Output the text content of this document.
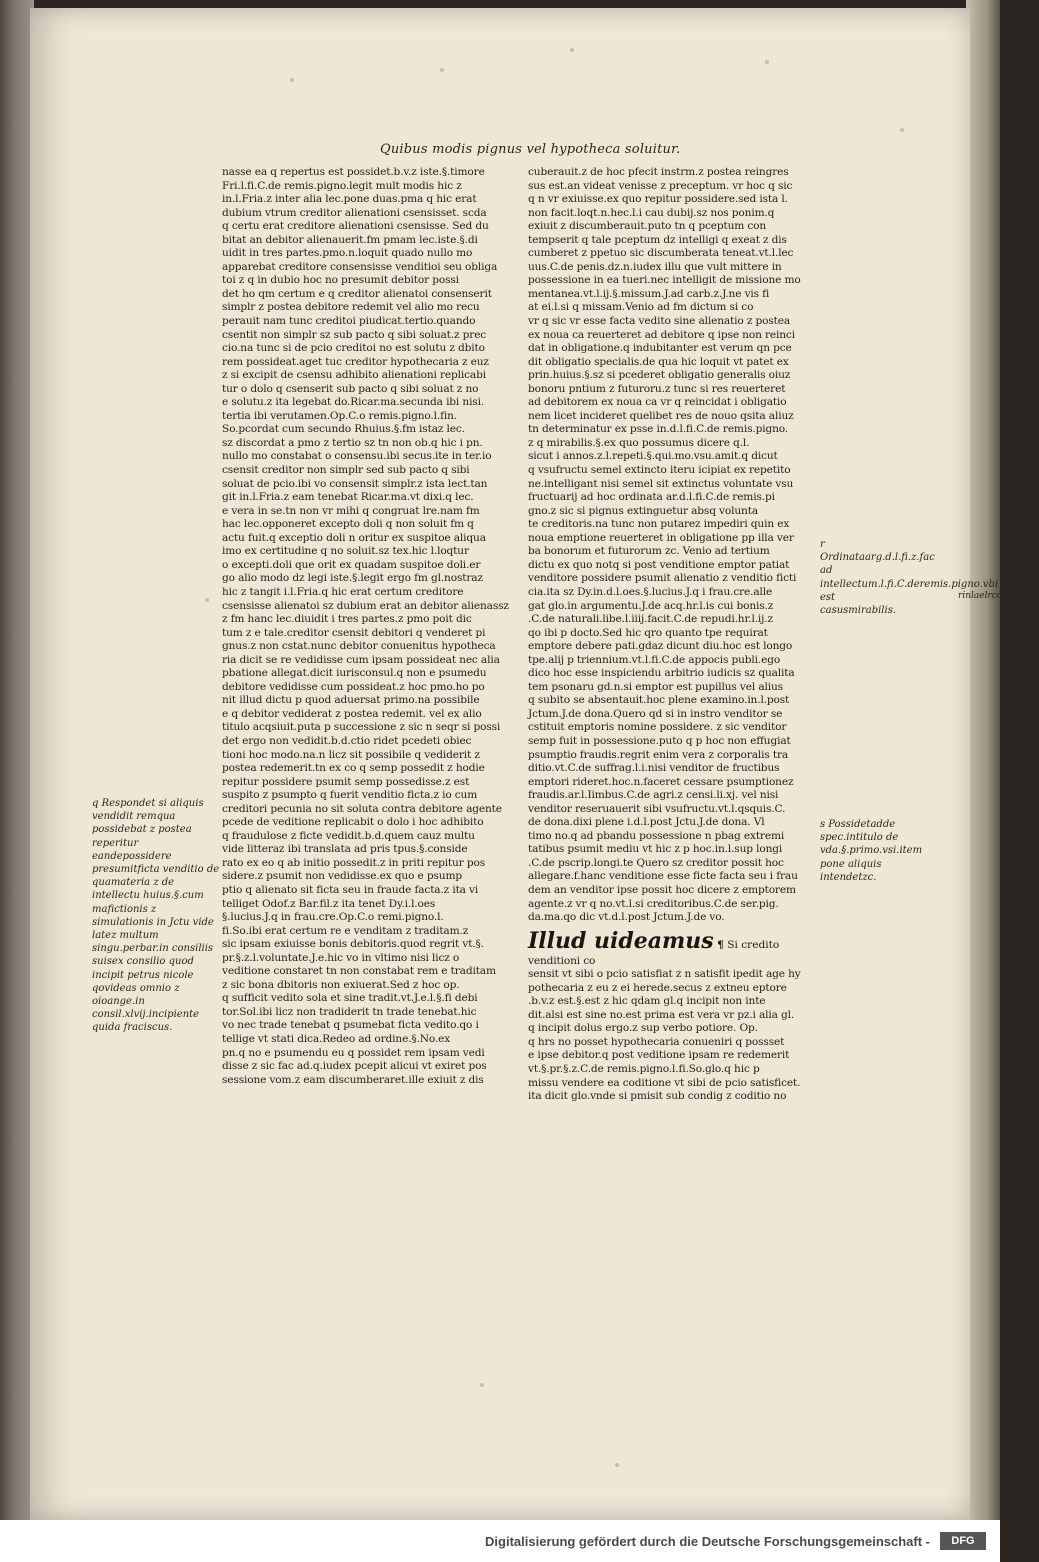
Quibus modis pignus vel hypotheca soluitur.
nasse ea q repertus est possidet.b.v.z iste.§.timore
Fri.l.fi.C.de remis.pigno.legit mult modis hic z
in.l.Fria.z inter alia lec.pone duas.pma q hic erat
dubium vtrum creditor alienationi csensisset. scda
q certu erat creditore alienationi csensisse. Sed du
bitat an debitor alienauerit.fm pmam lec.iste.§.di
uidit in tres partes.pmo.n.loquit quado nullo mo
apparebat creditore consensisse venditioi seu obliga
toi z q in dubio hoc no presumit debitor possi
det ho qm certum e q creditor alienatoi consenserit
simplr z postea debitore redemit vel alio mo recu
perauit nam tunc creditoi piudicat.tertio.quando
csentit non simplr sz sub pacto q sibi soluat.z prec
cio.na tunc si de pcio creditoi no est solutu z dbito
rem possideat.aget tuc creditor hypothecaria z euz
z si excipit de csensu adhibito alienationi replicabi
tur o dolo q csenserit sub pacto q sibi soluat z no
e solutu.z ita legebat do.Ricar.ma.secunda ibi nisi.
tertia ibi verutamen.Op.C.o remis.pigno.l.fin.
So.pcordat cum secundo Rhuius.§.fm istaz lec.
sz discordat a pmo z tertio sz tn non ob.q hic i pn.
nullo mo constabat o consensu.ibi secus.ite in ter.io
csensit creditor non simplr sed sub pacto q sibi
soluat de pcio.ibi vo consensit simplr.z ista lect.tan
git in.l.Fria.z eam tenebat Ricar.ma.vt dixi.q lec.
e vera in se.tn non vr mihi q congruat lre.nam fm
hac lec.opponeret excepto doli q non soluit fm q
actu fuit.q exceptio doli n oritur ex suspitoe aliqua
imo ex certitudine q no soluit.sz tex.hic l.loqtur
o excepti.doli que orit ex quadam suspitoe doli.er
go alio modo dz legi iste.§.legit ergo fm gl.nostraz
hic z tangit i.l.Fria.q hic erat certum creditore
csensisse alienatoi sz dubium erat an debitor alienassz
z fm hanc lec.diuidit i tres partes.z pmo poit dic
tum z e tale.creditor csensit debitori q venderet pi
gnus.z non cstat.nunc debitor conuenitus hypotheca
ria dicit se re vedidisse cum ipsam possideat nec alia
pbatione allegat.dicit iurisconsul.q non e psumedu
debitore vedidisse cum possideat.z hoc pmo.ho po
nit illud dictu p quod aduersat primo.na possibile
e q debitor vediderat z postea redemit. vel ex alio
titulo acqsiuit.puta p successione z sic n seqr si possi
det ergo non vedidit.b.d.ctio ridet pcedeti obiec
tioni hoc modo.na.n licz sit possibile q vediderit z
postea redemerit.tn ex co q semp possedit z hodie
repitur possidere psumit semp possedisse.z est
suspito z psumpto q fuerit venditio ficta.z io cum
creditori pecunia no sit soluta contra debitore agente
pcede de veditione replicabit o dolo i hoc adhibito
q fraudulose z ficte vedidit.b.d.quem cauz multu
vide litteraz ibi translata ad pris tpus.§.conside
rato ex eo q ab initio possedit.z in priti repitur pos
sidere.z psumit non vedidisse.ex quo e psump
ptio q alienato sit ficta seu in fraude facta.z ita vi
telliget Odof.z Bar.fil.z ita tenet Dy.i.l.oes
§.lucius.J.q in frau.cre.Op.C.o remi.pigno.l.
fi.So.ibi erat certum re e venditam z traditam.z
sic ipsam exiuisse bonis debitoris.quod regrit vt.§.
pr.§.z.l.voluntate.J.e.hic vo in vltimo nisi licz o
veditione constaret tn non constabat rem e traditam
z sic bona dbitoris non exiuerat.Sed z hoc op.
q sufficit vedito sola et sine tradit.vt.J.e.l.§.fi debi
tor.Sol.ibi licz non tradiderit tn trade tenebat.hic
vo nec trade tenebat q psumebat ficta vedito.qo i
tellige vt stati dica.Redeo ad ordine.§.No.ex
pn.q no e psumendu eu q possidet rem ipsam vedi
disse z sic fac ad.q.iudex pcepit alicui vt exiret pos
sessione vom.z eam discumberaret.ille exiuit z dis
cuberauit.z de hoc pfecit instrm.z postea reingres
sus est.an videat venisse z preceptum. vr hoc q sic
q n vr exiuisse.ex quo repitur possidere.sed ista l.
non facit.loqt.n.hec.l.i cau dubij.sz nos ponim.q
exiuit z discumberauit.puto tn q pceptum con
tempserit q tale pceptum dz intelligi q exeat z dis
cumberet z ppetuo sic discumberata teneat.vt.l.lec
uus.C.de penis.dz.n.iudex illu que vult mittere in
possessione in ea tueri.nec intelligit de missione mo
mentanea.vt.l.ij.§.missum.J.ad carb.z.J.ne vis fi
at ei.l.si q missam.Venio ad fm dictum si co
vr q sic vr esse facta vedito sine alienatio z postea
ex noua ca reuerteret ad debitore q ipse non reinci
dat in obligatione.q indubitanter est verum qn pce
dit obligatio specialis.de qua hic loquit vt patet ex
prin.huius.§.sz si pcederet obligatio generalis oiuz
bonoru pntium z futuroru.z tunc si res reuerteret
ad debitorem ex noua ca vr q reincidat i obligatio
nem licet incideret quelibet res de nouo qsita aliuz
tn determinatur ex psse in.d.l.fi.C.de remis.pigno.
z q mirabilis.§.ex quo possumus dicere q.l.
sicut i annos.z.l.repeti.§.qui.mo.vsu.amit.q dicut
q vsufructu semel extincto iteru icipiat ex repetito
ne.intelligant nisi semel sit extinctus voluntate vsu
fructuarij ad hoc ordinata ar.d.l.fi.C.de remis.pi
gno.z sic si pignus extinguetur absq volunta
te creditoris.na tunc non putarez impediri quin ex
noua emptione reuerteret in obligatione pp illa ver
ba bonorum et futurorum zc. Venio ad tertium
dictu ex quo notq si post venditione emptor patiat
venditore possidere psumit alienatio z venditio ficti
cia.ita sz Dy.in.d.l.oes.§.lucius.J.q i frau.cre.alle
gat glo.in argumentu.J.de acq.hr.l.is cui bonis.z
.C.de naturali.libe.l.iiij.facit.C.de repudi.hr.l.ij.z
qo ibi p docto.Sed hic qro quanto tpe requirat
emptore debere pati.gdaz dicunt diu.hoc est longo
tpe.alij p triennium.vt.l.fi.C.de appocis publi.ego
dico hoc esse inspiciendu arbitrio iudicis sz qualita
tem psonaru gd.n.si emptor est pupillus vel alius
q subito se absentauit.hoc plene examino.in.l.post
Jctum.J.de dona.Quero qd si in instro venditor se
cstituit emptoris nomine possidere. z sic venditor
semp fuit in possessione.puto q p hoc non effugiat
psumptio fraudis.regrit enim vera z corporalis tra
ditio.vt.C.de suffrag.l.i.nisi venditor de fructibus
emptori rideret.hoc.n.faceret cessare psumptionez
fraudis.ar.l.Iimbus.C.de agri.z censi.li.xj. vel nisi
venditor reseruauerit sibi vsufructu.vt.l.qsquis.C.
de dona.dixi plene i.d.l.post Jctu.J.de dona. Vl
timo no.q ad pbandu possessione n pbag extremi
tatibus psumit mediu vt hic z p hoc.in.l.sup longi
.C.de pscrip.longi.te Quero sz creditor possit hoc
allegare.f.hanc venditione esse ficte facta seu i frau
dem an venditor ipse possit hoc dicere z emptorem
agente.z vr q no.vt.l.si creditoribus.C.de ser.pig.
da.ma.qo dic vt.d.l.post Jctum.J.de vo.
Illud uideamus ¶ Si credito
venditioni co
sensit vt sibi o pcio satisfiat z n satisfit ipedit age hy
pothecaria z eu z ei herede.secus z extneu eptore
.b.v.z est.§.est z hic qdam gl.q incipit non inte
dit.alsi est sine no.est prima est vera vr pz.i alia gl.
q incipit dolus ergo.z sup verbo potiore. Op.
q hrs no posset hypothecaria conueniri q possset
e ipse debitor.q post veditione ipsam re redemerit
vt.§.pr.§.z.C.de remis.pigno.l.fi.So.glo.q hic p
missu vendere ea coditione vt sibi de pcio satisficet.
ita dicit glo.vnde si pmisit sub condig z coditio no
q Respondet si aliquis vendidit remqua possidebat z postea reperitur eandepossidere presumitficta venditio de quamateria z de intellectu huius.§.cum mafictionis z simulationis in Jctu vide latez multum singu.perbar.in consiliis suisex consilio quod incipit petrus nicole qovideas omnio z oioange.in consil.xlvij.incipiente quida fraciscus.
r Ordinataarg.d.l.fi.z.fac ad intellectum.l.fi.C.deremis.pigno.vbi est casusmirabilis.
s Possidetadde spec.intitulo de vda.§.primo.vsi.item pone aliquis intendetzc.
rinlaelrcosbunete
Digitalisierung gefördert durch die Deutsche Forschungsgemeinschaft -	DFG
